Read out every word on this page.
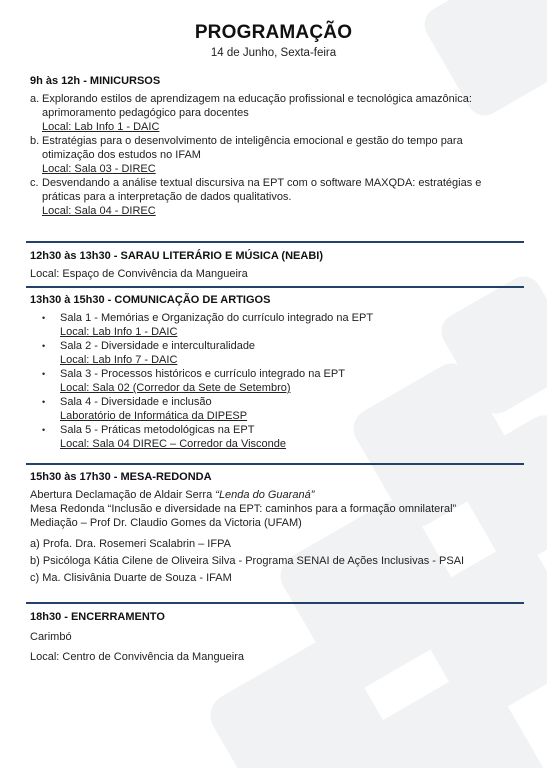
PROGRAMAÇÃO
14 de Junho, Sexta-feira
9h às 12h - MINICURSOS
a. Explorando estilos de aprendizagem na educação profissional e tecnológica amazônica:
aprimoramento pedagógico para docentes
Local: Lab Info 1 - DAIC
b. Estratégias para o desenvolvimento de inteligência emocional e gestão do tempo para
otimização dos estudos no IFAM
Local: Sala 03 - DIREC
c. Desvendando a análise textual discursiva na EPT com o software MAXQDA: estratégias e
práticas para a interpretação de dados qualitativos.
Local: Sala 04 - DIREC
12h30 às 13h30 - SARAU LITERÁRIO E MÚSICA (NEABI)
Local: Espaço de Convivência da Mangueira
13h30 à 15h30 - COMUNICAÇÃO DE ARTIGOS
•	Sala 1 - Memórias e Organização do currículo integrado na EPT
Local: Lab Info 1 - DAIC
•	Sala 2 - Diversidade e interculturalidade
Local: Lab Info 7 - DAIC
•	Sala 3 - Processos históricos e currículo integrado na EPT
Local: Sala 02 (Corredor da Sete de Setembro)
•	Sala 4 - Diversidade e inclusão
Laboratório de Informática da DIPESP
•	Sala 5 - Práticas metodológicas na EPT
Local: Sala 04 DIREC – Corredor da Visconde
15h30 às 17h30 - MESA-REDONDA
Abertura Declamação de Aldair Serra “Lenda do Guaraná”
Mesa Redonda “Inclusão e diversidade na EPT: caminhos para a formação omnilateral”
Mediação – Prof Dr. Claudio Gomes da Victoria (UFAM)
a) Profa. Dra. Rosemeri Scalabrin – IFPA
b) Psicóloga Kátia Cilene de Oliveira Silva - Programa SENAI de Ações Inclusivas - PSAI
c) Ma. Clisivânia Duarte de Souza - IFAM
18h30 - ENCERRAMENTO
Carimbó
Local: Centro de Convivência da Mangueira
